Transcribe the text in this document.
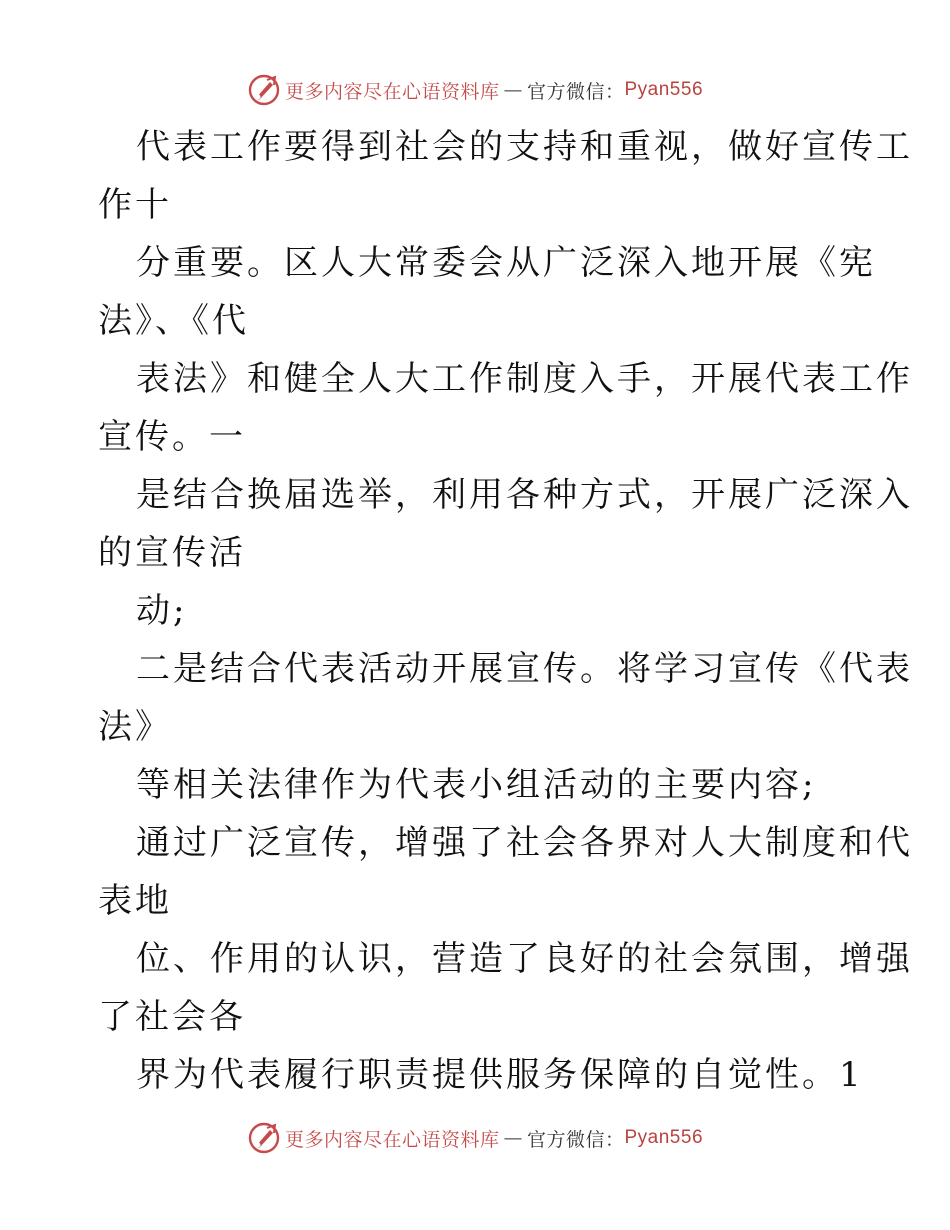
更多内容尽在心语资料库 — 官方微信： Pyan556
代表工作要得到社会的支持和重视，做好宣传工
作十
分重要。区人大常委会从广泛深入地开展《宪
法》、《代
表法》和健全人大工作制度入手，开展代表工作
宣传。一
是结合换届选举，利用各种方式，开展广泛深入
的宣传活
动;
二是结合代表活动开展宣传。将学习宣传《代表
法》
等相关法律作为代表小组活动的主要内容;
通过广泛宣传，增强了社会各界对人大制度和代
表地
位、作用的认识，营造了良好的社会氛围，增强
了社会各
界为代表履行职责提供服务保障的自觉性。1
更多内容尽在心语资料库 — 官方微信： Pyan556
